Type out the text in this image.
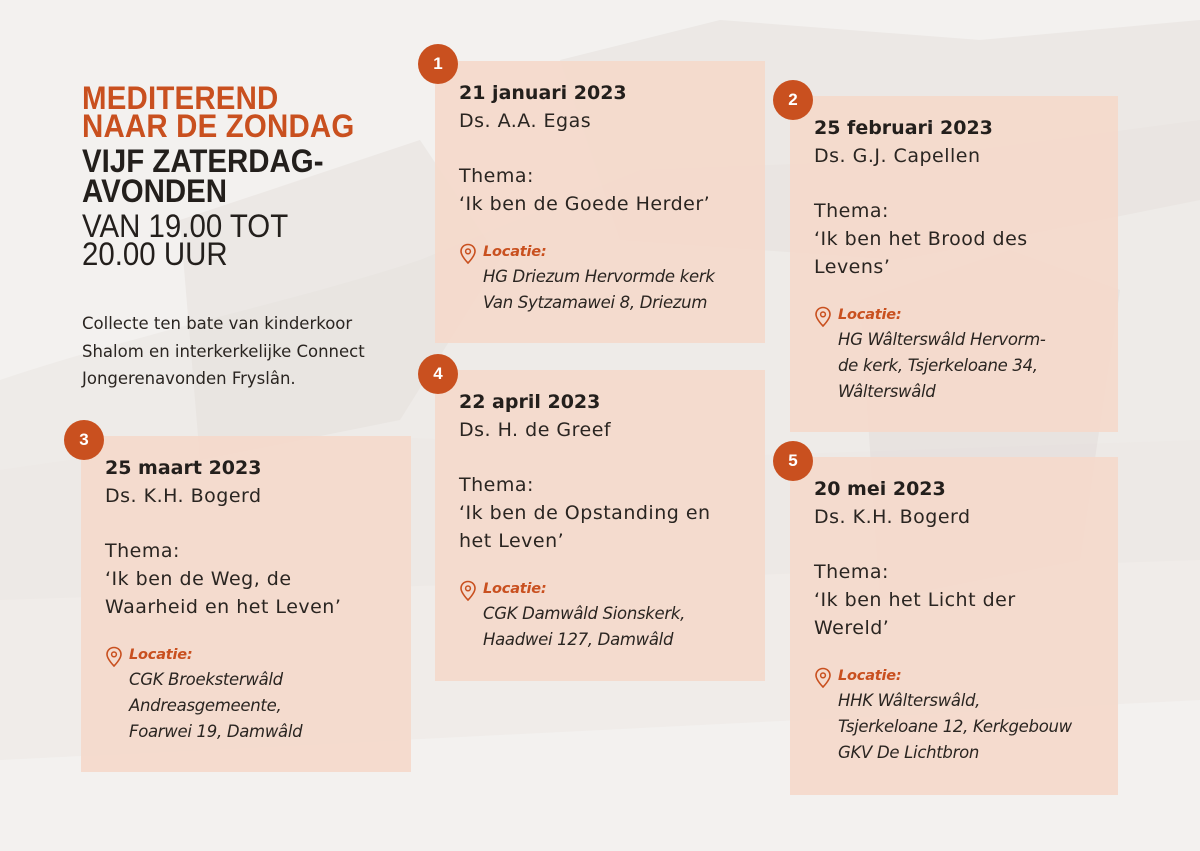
MEDITEREND
NAAR DE ZONDAG
VIJF ZATERDAG-
AVONDEN
VAN 19.00 TOT
20.00 UUR
Collecte ten bate van kinderkoor
Shalom en interkerkelijke Connect
Jongerenavonden Fryslân.
1
21 januari 2023
Ds. A.A. Egas
Thema:
‘Ik ben de Goede Herder’
Locatie:
HG Driezum Hervormde kerk
Van Sytzamawei 8, Driezum
2
25 februari 2023
Ds. G.J. Capellen
Thema:
‘Ik ben het Brood des
Levens’
Locatie:
HG Wâlterswâld Hervorm-
de kerk, Tsjerkeloane 34,
Wâlterswâld
3
25 maart 2023
Ds. K.H. Bogerd
Thema:
‘Ik ben de Weg, de
Waarheid en het Leven’
Locatie:
CGK Broeksterwâld
Andreasgemeente,
Foarwei 19, Damwâld
4
22 april 2023
Ds. H. de Greef
Thema:
‘Ik ben de Opstanding en
het Leven’
Locatie:
CGK Damwâld Sionskerk,
Haadwei 127, Damwâld
5
20 mei 2023
Ds. K.H. Bogerd
Thema:
‘Ik ben het Licht der
Wereld’
Locatie:
HHK Wâlterswâld,
Tsjerkeloane 12, Kerkgebouw
GKV De Lichtbron
